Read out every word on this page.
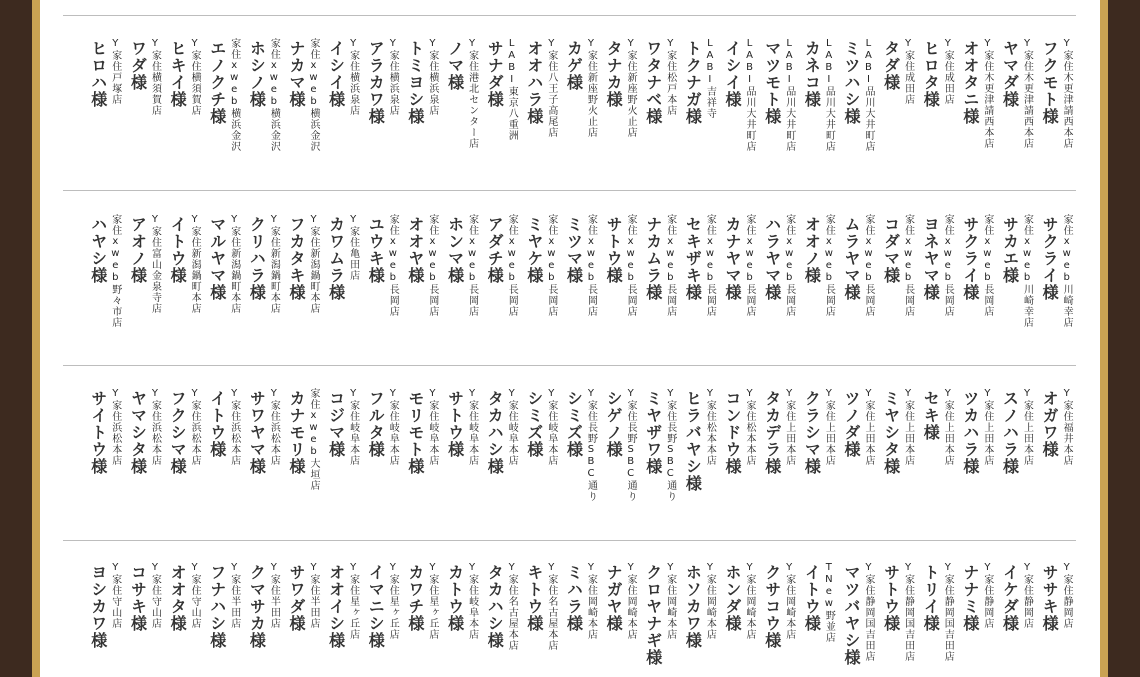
Y家住木更津請西本店
フクモト様
Y家住木更津請西本店
ヤマダ様
Y家住木更津請西本店
オオタニ様
Y家住成田店
ヒロタ様
Y家住成田店
タダ様
LABI品川大井町店
ミツハシ様
LABI品川大井町店
カネコ様
LABI品川大井町店
マツモト様
LABI品川大井町店
イシイ様
LABI吉祥寺
トクナガ様
Y家住松戸本店
ワタナベ様
Y家住新座野火止店
タナカ様
Y家住新座野火止店
カゲ様
Y家住八王子高尾店
オオハラ様
LABI東京八重洲
サナダ様
Y家住港北センター店
ノマ様
Y家住横浜泉店
トミヨシ様
Y家住横浜泉店
アラカワ様
Y家住横浜泉店
イシイ様
家住xweb横浜金沢
ナカマ様
家住xweb横浜金沢
ホシノ様
家住xweb横浜金沢
エノクチ様
Y家住横須賀店
ヒキイ様
Y家住横須賀店
ワダ様
Y家住戸塚店
ヒロハ様
家住xweb川崎幸店
サクライ様
家住xweb川崎幸店
サカエ様
家住xweb長岡店
サクライ様
家住xweb長岡店
ヨネヤマ様
家住xweb長岡店
コダマ様
家住xweb長岡店
ムラヤマ様
家住xweb長岡店
オオノ様
家住xweb長岡店
ハラヤマ様
家住xweb長岡店
カナヤマ様
家住xweb長岡店
セキザキ様
家住xweb長岡店
ナカムラ様
家住xweb長岡店
サトウ様
家住xweb長岡店
ミツマ様
家住xweb長岡店
ミヤケ様
家住xweb長岡店
アダチ様
家住xweb長岡店
ホンマ様
家住xweb長岡店
オオヤ様
家住xweb長岡店
ユウキ様
Y家住亀田店
カワムラ様
Y家住新潟鍋町本店
フカタキ様
Y家住新潟鍋町本店
クリハラ様
Y家住新潟鍋町本店
マルヤマ様
Y家住新潟鍋町本店
イトウ様
Y家住富山金泉寺店
アオノ様
家住xweb野々市店
ハヤシ様
Y家住福井本店
オガワ様
Y家住上田本店
スノハラ様
Y家住上田本店
ツカハラ様
Y家住上田本店
セキ様
Y家住上田本店
ミヤシタ様
Y家住上田本店
ツノダ様
Y家住上田本店
クラシマ様
Y家住上田本店
タカデラ様
Y家住松本本店
コンドウ様
Y家住松本本店
ヒラバヤシ様
Y家住長野SBC通り
ミヤザワ様
Y家住長野SBC通り
シゲノ様
Y家住長野SBC通り
シミズ様
Y家住岐阜本店
シミズ様
Y家住岐阜本店
タカハシ様
Y家住岐阜本店
サトウ様
Y家住岐阜本店
モリモト様
Y家住岐阜本店
フルタ様
Y家住岐阜本店
コジマ様
家住xweb大垣店
カナモリ様
Y家住浜松本店
サワヤマ様
Y家住浜松本店
イトウ様
Y家住浜松本店
フクシマ様
Y家住浜松本店
ヤマシタ様
Y家住浜松本店
サイトウ様
Y家住静岡店
ササキ様
Y家住静岡店
イケダ様
Y家住静岡店
ナナミ様
Y家住静岡国吉田店
トリイ様
Y家住静岡国吉田店
サトウ様
Y家住静岡国吉田店
マツバヤシ様
TNew野並店
イトウ様
Y家住岡崎本店
クサコウ様
Y家住岡崎本店
ホンダ様
Y家住岡崎本店
ホソカワ様
Y家住岡崎本店
クロヤナギ様
Y家住岡崎本店
ナガヤ様
Y家住岡崎本店
ミハラ様
Y家住名古屋本店
キトウ様
Y家住名古屋本店
タカハシ様
Y家住岐阜本店
カトウ様
Y家住星ヶ丘店
カワチ様
Y家住星ヶ丘店
イマニシ様
Y家住星ヶ丘店
オオイシ様
Y家住半田店
サワダ様
Y家住半田店
クマサカ様
Y家住半田店
フナハシ様
Y家住守山店
オオタ様
Y家住守山店
コサキ様
Y家住守山店
ヨシカワ様
